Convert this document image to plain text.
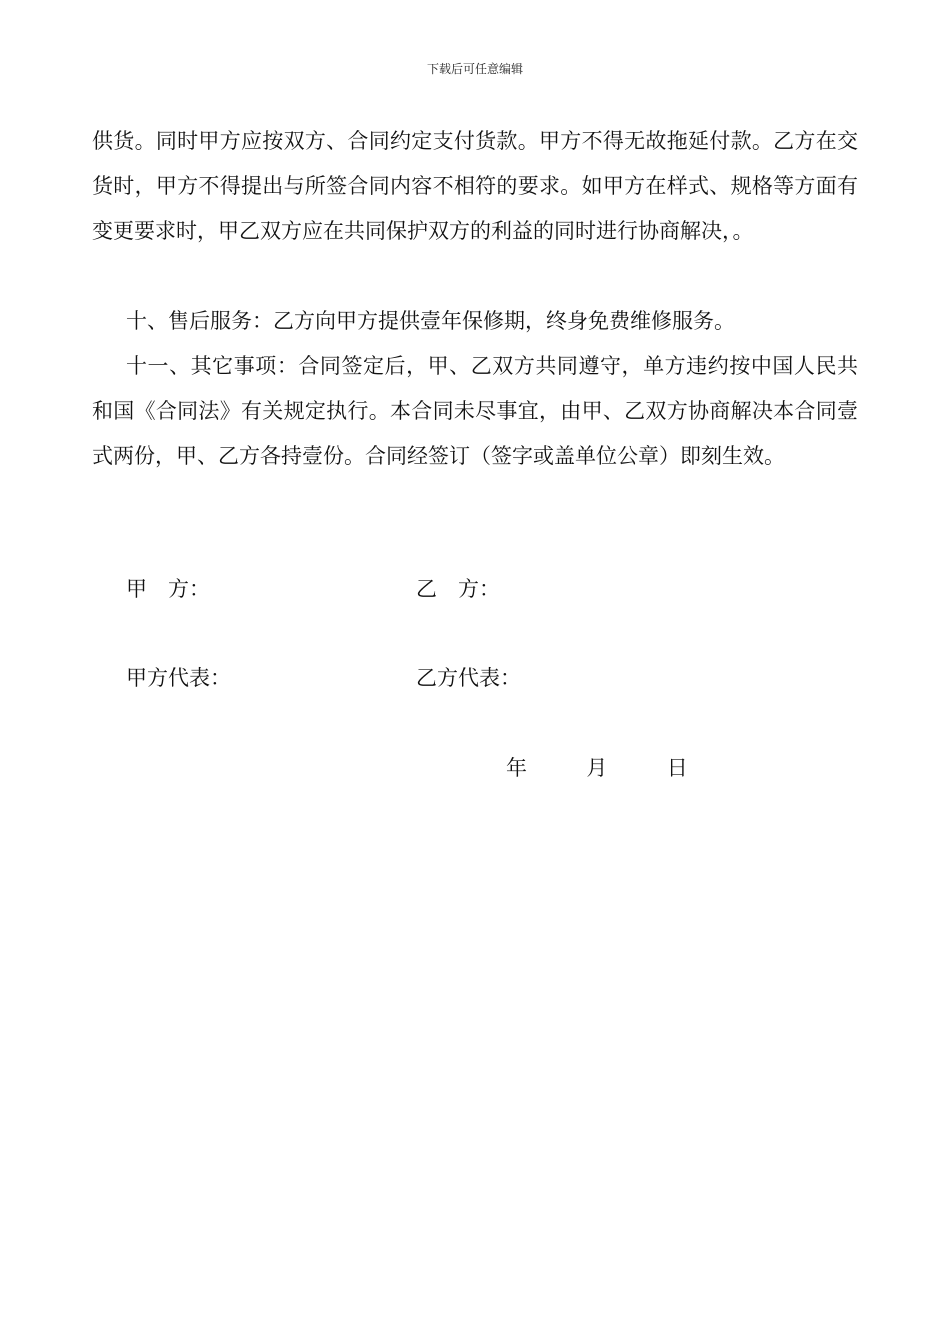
下载后可任意编辑

供货。同时甲方应按双方、合同约定支付货款。甲方不得无故拖延付款。乙方在交货时，甲方不得提出与所签合同内容不相符的要求。如甲方在样式、规格等方面有变更要求时，甲乙双方应在共同保护双方的利益的同时进行协商解决，。

十、售后服务：乙方向甲方提供壹年保修期，终身免费维修服务。

十一、其它事项：合同签定后，甲、乙双方共同遵守，单方违约按中国人民共和国《合同法》有关规定执行。本合同未尽事宜，由甲、乙双方协商解决本合同壹式两份，甲、乙方各持壹份。合同经签订（签字或盖单位公章）即刻生效。

甲　方：	乙　方：
甲方代表：	乙方代表：
年	月	日
